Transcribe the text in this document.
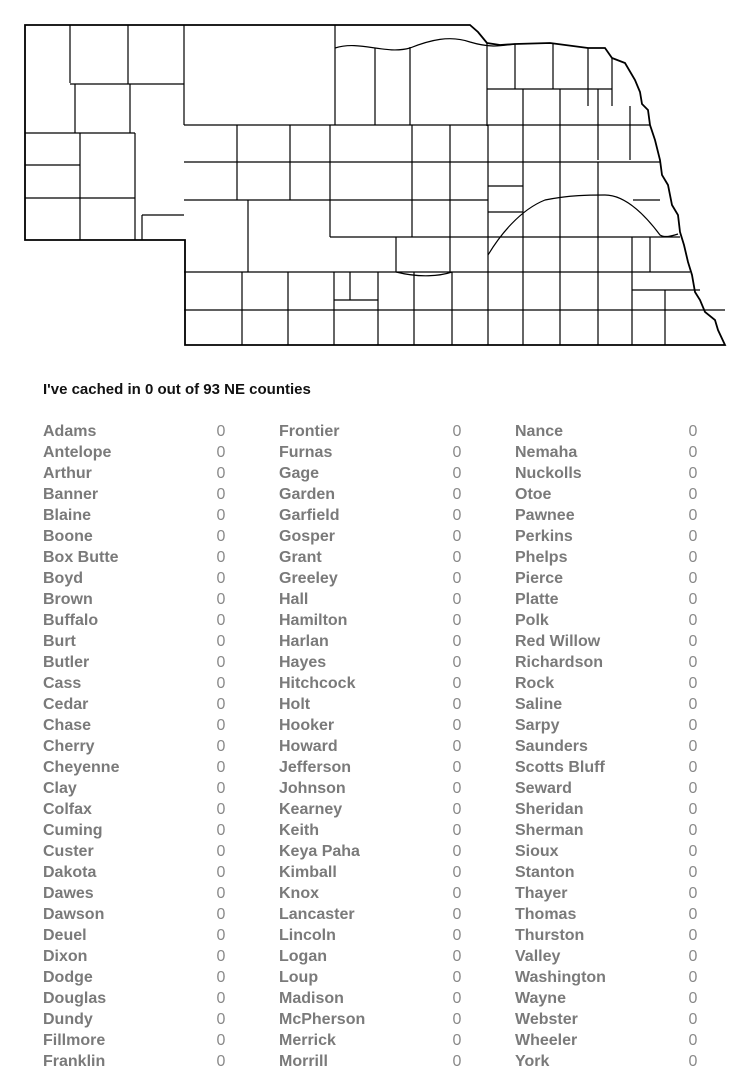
I've cached in 0 out of 93 NE counties
Adams	0
Antelope	0
Arthur	0
Banner	0
Blaine	0
Boone	0
Box Butte	0
Boyd	0
Brown	0
Buffalo	0
Burt	0
Butler	0
Cass	0
Cedar	0
Chase	0
Cherry	0
Cheyenne	0
Clay	0
Colfax	0
Cuming	0
Custer	0
Dakota	0
Dawes	0
Dawson	0
Deuel	0
Dixon	0
Dodge	0
Douglas	0
Dundy	0
Fillmore	0
Franklin	0
Frontier	0
Furnas	0
Gage	0
Garden	0
Garfield	0
Gosper	0
Grant	0
Greeley	0
Hall	0
Hamilton	0
Harlan	0
Hayes	0
Hitchcock	0
Holt	0
Hooker	0
Howard	0
Jefferson	0
Johnson	0
Kearney	0
Keith	0
Keya Paha	0
Kimball	0
Knox	0
Lancaster	0
Lincoln	0
Logan	0
Loup	0
Madison	0
McPherson	0
Merrick	0
Morrill	0
Nance	0
Nemaha	0
Nuckolls	0
Otoe	0
Pawnee	0
Perkins	0
Phelps	0
Pierce	0
Platte	0
Polk	0
Red Willow	0
Richardson	0
Rock	0
Saline	0
Sarpy	0
Saunders	0
Scotts Bluff	0
Seward	0
Sheridan	0
Sherman	0
Sioux	0
Stanton	0
Thayer	0
Thomas	0
Thurston	0
Valley	0
Washington	0
Wayne	0
Webster	0
Wheeler	0
York	0
